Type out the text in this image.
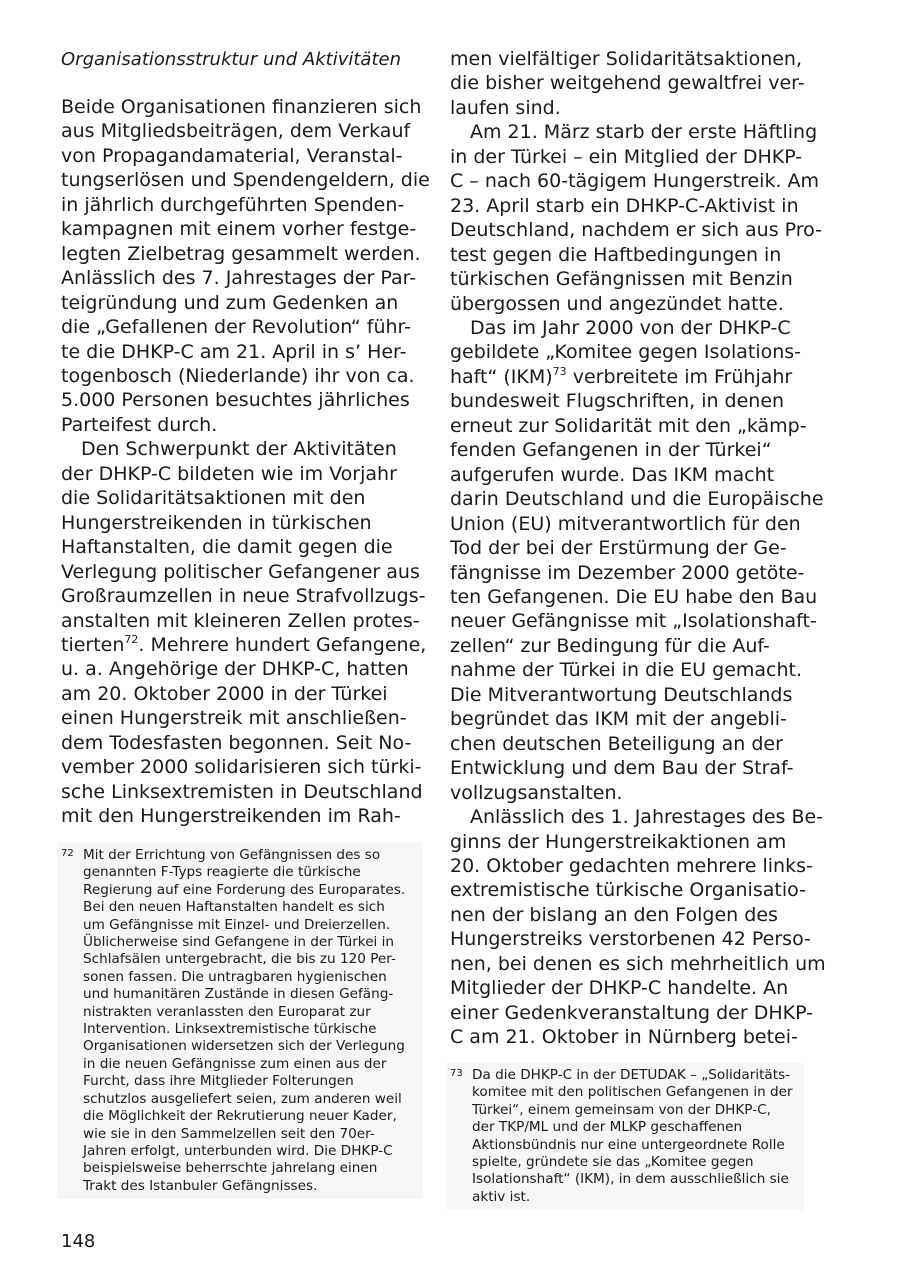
Organisationsstruktur und Aktivitäten
Beide Organisationen finanzieren sich
aus Mitgliedsbeiträgen, dem Verkauf
von Propagandamaterial, Veranstal-
tungserlösen und Spendengeldern, die
in jährlich durchgeführten Spenden-
kampagnen mit einem vorher festge-
legten Zielbetrag gesammelt werden.
Anlässlich des 7. Jahrestages der Par-
teigründung und zum Gedenken an
die „Gefallenen der Revolution“ führ-
te die DHKP-C am 21. April in s’ Her-
togenbosch (Niederlande) ihr von ca.
5.000 Personen besuchtes jährliches
Parteifest durch.
Den Schwerpunkt der Aktivitäten
der DHKP-C bildeten wie im Vorjahr
die Solidaritätsaktionen mit den
Hungerstreikenden in türkischen
Haftanstalten, die damit gegen die
Verlegung politischer Gefangener aus
Großraumzellen in neue Strafvollzugs-
anstalten mit kleineren Zellen protes-
tierten$^{72}$. Mehrere hundert Gefangene,
u. a. Angehörige der DHKP-C, hatten
am 20. Oktober 2000 in der Türkei
einen Hungerstreik mit anschließen-
dem Todesfasten begonnen. Seit No-
vember 2000 solidarisieren sich türki-
sche Linksextremisten in Deutschland
mit den Hungerstreikenden im Rah-
72 Mit der Errichtung von Gefängnissen des so
genannten F-Typs reagierte die türkische
Regierung auf eine Forderung des Europarates.
Bei den neuen Haftanstalten handelt es sich
um Gefängnisse mit Einzel- und Dreierzellen.
Üblicherweise sind Gefangene in der Türkei in
Schlafsälen untergebracht, die bis zu 120 Per-
sonen fassen. Die untragbaren hygienischen
und humanitären Zustände in diesen Gefäng-
nistrakten veranlassten den Europarat zur
Intervention. Linksextremistische türkische
Organisationen widersetzen sich der Verlegung
in die neuen Gefängnisse zum einen aus der
Furcht, dass ihre Mitglieder Folterungen
schutzlos ausgeliefert seien, zum anderen weil
die Möglichkeit der Rekrutierung neuer Kader,
wie sie in den Sammelzellen seit den 70er-
Jahren erfolgt, unterbunden wird. Die DHKP-C
beispielsweise beherrschte jahrelang einen
Trakt des Istanbuler Gefängnisses.
men vielfältiger Solidaritätsaktionen,
die bisher weitgehend gewaltfrei ver-
laufen sind.
Am 21. März starb der erste Häftling
in der Türkei – ein Mitglied der DHKP-
C – nach 60-tägigem Hungerstreik. Am
23. April starb ein DHKP-C-Aktivist in
Deutschland, nachdem er sich aus Pro-
test gegen die Haftbedingungen in
türkischen Gefängnissen mit Benzin
übergossen und angezündet hatte.
Das im Jahr 2000 von der DHKP-C
gebildete „Komitee gegen Isolations-
haft“ (IKM)$^{73}$ verbreitete im Frühjahr
bundesweit Flugschriften, in denen
erneut zur Solidarität mit den „kämp-
fenden Gefangenen in der Türkei“
aufgerufen wurde. Das IKM macht
darin Deutschland und die Europäische
Union (EU) mitverantwortlich für den
Tod der bei der Erstürmung der Ge-
fängnisse im Dezember 2000 getöte-
ten Gefangenen. Die EU habe den Bau
neuer Gefängnisse mit „Isolationshaft-
zellen“ zur Bedingung für die Auf-
nahme der Türkei in die EU gemacht.
Die Mitverantwortung Deutschlands
begründet das IKM mit der angebli-
chen deutschen Beteiligung an der
Entwicklung und dem Bau der Straf-
vollzugsanstalten.
Anlässlich des 1. Jahrestages des Be-
ginns der Hungerstreikaktionen am
20. Oktober gedachten mehrere links-
extremistische türkische Organisatio-
nen der bislang an den Folgen des
Hungerstreiks verstorbenen 42 Perso-
nen, bei denen es sich mehrheitlich um
Mitglieder der DHKP-C handelte. An
einer Gedenkveranstaltung der DHKP-
C am 21. Oktober in Nürnberg betei-
73 Da die DHKP-C in der DETUDAK – „Solidaritäts-
komitee mit den politischen Gefangenen in der
Türkei“, einem gemeinsam von der DHKP-C,
der TKP/ML und der MLKP geschaffenen
Aktionsbündnis nur eine untergeordnete Rolle
spielte, gründete sie das „Komitee gegen
Isolationshaft“ (IKM), in dem ausschließlich sie
aktiv ist.
148
